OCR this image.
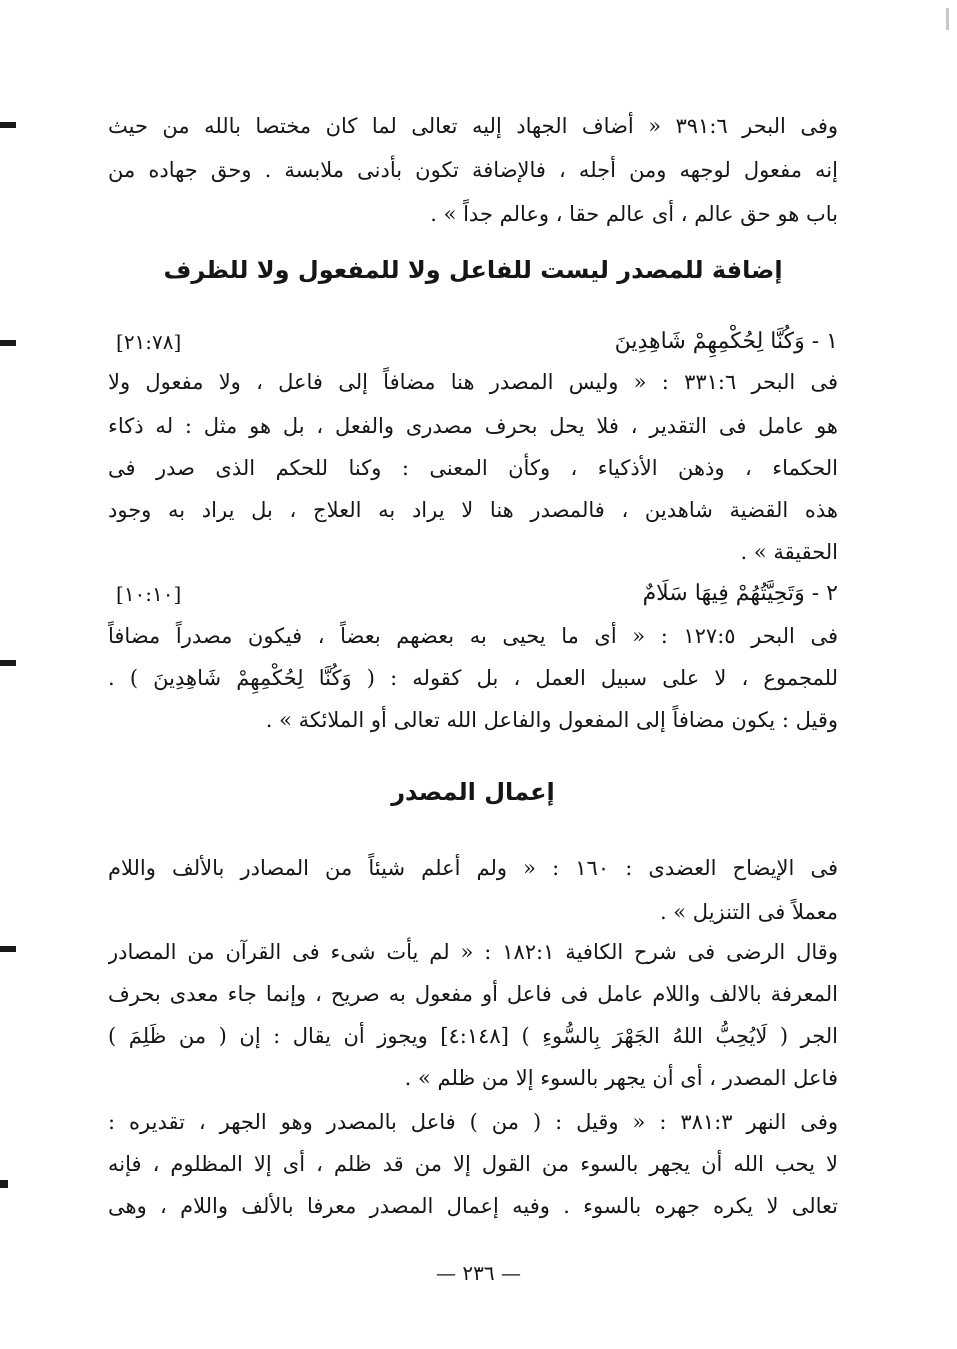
وفى البحر ٣٩١:٦ « أضاف الجهاد إليه تعالى لما كان مختصا بالله من حيث
إنه مفعول لوجهه ومن أجله ، فالإضافة تكون بأدنى ملابسة . وحق جهاده من
باب هو حق عالم ، أى عالم حقا ، وعالم جداً » .
إضافة للمصدر ليست للفاعل ولا للمفعول ولا للظرف
١ - وَكُنَّا لِحُكْمِهِمْ شَاهِدِينَ
[٢١:٧٨]
فى البحر ٣٣١:٦ : « وليس المصدر هنا مضافاً إلى فاعل ، ولا مفعول ولا
هو عامل فى التقدير ، فلا يحل بحرف مصدرى والفعل ، بل هو مثل : له ذكاء
الحكماء ، وذهن الأذكياء ، وكأن المعنى : وكنا للحكم الذى صدر فى
هذه القضية شاهدين ، فالمصدر هنا لا يراد به العلاج ، بل يراد به وجود
الحقيقة » .
٢ - وَتَحِيَّتُهُمْ فِيهَا سَلَامٌ
[١٠:١٠]
فى البحر ١٢٧:٥ : « أى ما يحيى به بعضهم بعضاً ، فيكون مصدراً مضافاً
للمجموع ، لا على سبيل العمل ، بل كقوله : ( وَكُنَّا لِحُكْمِهِمْ شَاهِدِينَ ) .
وقيل : يكون مضافاً إلى المفعول والفاعل الله تعالى أو الملائكة » .
إعمال المصدر
فى الإيضاح العضدى : ١٦٠ : « ولم أعلم شيئاً من المصادر بالألف واللام
معملاً فى التنزيل » .
وقال الرضى فى شرح الكافية ١٨٢:١ : « لم يأت شىء فى القرآن من المصادر
المعرفة بالالف واللام عامل فى فاعل أو مفعول به صريح ، وإنما جاء معدى بحرف
الجر ( لَايُحِبُّ اللهُ الجَهْرَ بِالسُّوءِ ) [٤:١٤٨] ويجوز أن يقال : إن ( من ظَلِمَ )
فاعل المصدر ، أى أن يجهر بالسوء إلا من ظلم » .
وفى النهر ٣٨١:٣ : « وقيل : ( من ) فاعل بالمصدر وهو الجهر ، تقديره :
لا يحب الله أن يجهر بالسوء من القول إلا من قد ظلم ، أى إلا المظلوم ، فإنه
تعالى لا يكره جهره بالسوء . وفيه إعمال المصدر معرفا بالألف واللام ، وهى
— ٢٣٦ —
